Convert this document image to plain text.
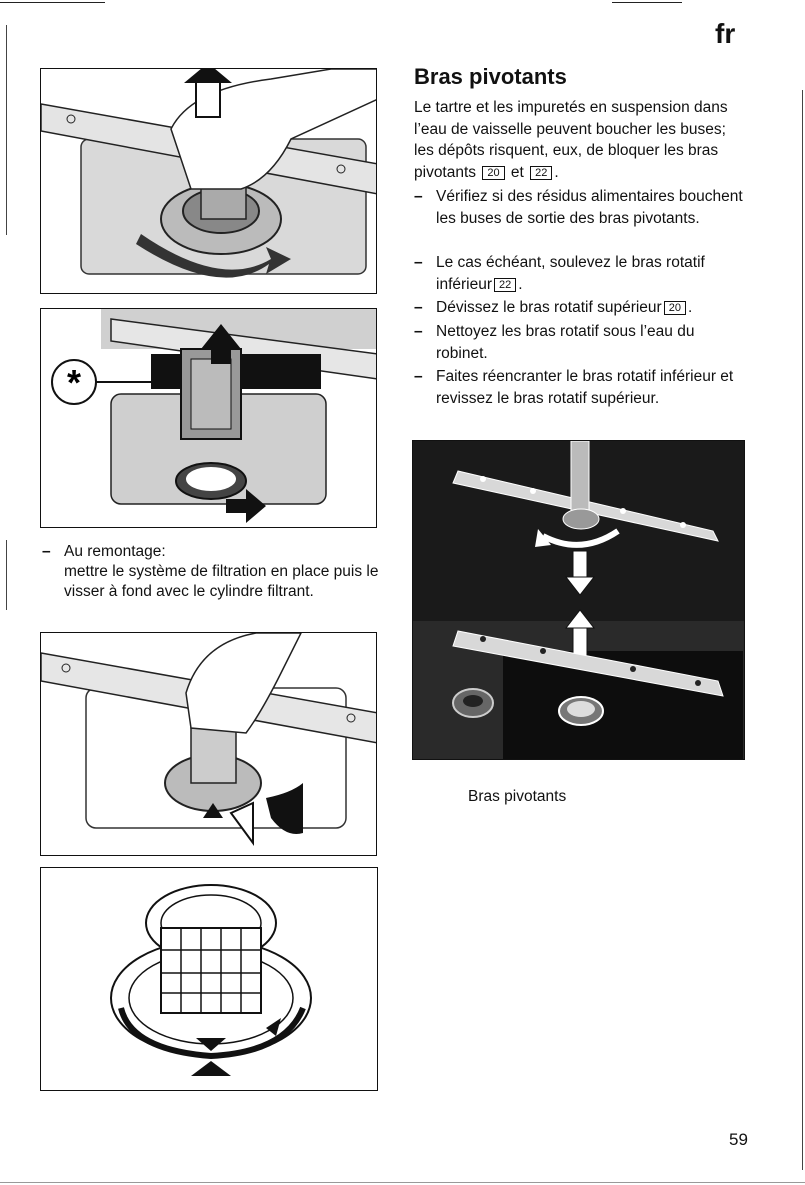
fr
*
– Au remontage:
mettre le système de filtration en place puis le visser à fond avec le cylindre filtrant.
Bras pivotants
Le tartre et les impuretés en suspension dans l’eau de vaisselle peuvent boucher les buses; les dépôts risquent, eux, de bloquer les bras pivotants 20 et 22 .
– Vérifiez si des résidus alimentaires bouchent les buses de sortie des bras pivotants.
– Le cas échéant, soulevez le bras rotatif inférieur 22 .
– Dévissez le bras rotatif supérieur 20 .
– Nettoyez les bras rotatif sous l’eau du robinet.
– Faites réencranter le bras rotatif inférieur et revissez le bras rotatif supérieur.
Bras pivotants
59
